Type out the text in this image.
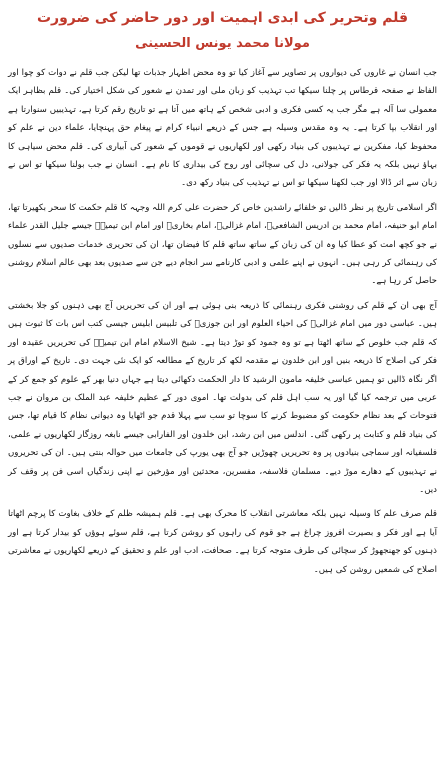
قلم وتحریر کی ابدی اہمیت اور دور حاضر کی ضرورت
مولانا محمد یونس الحسینی

جب انسان نے غاروں کی دیواروں پر تصاویر سے آغاز کیا تو وہ محض اظہار جذبات تھا لیکن جب قلم نے دوات کو چوا اور الفاظ نے صفحہ قرطاس پر چلنا سیکھا تب تہذیب کو زبان ملی اور تمدن نے شعور کی شکل اختیار کی۔ قلم بظاہر ایک معمولی سا آلہ ہے مگر جب یہ کسی فکری و ادبی شخص کے ہاتھ میں آتا ہے تو تاریخ رقم کرتا ہے، تہذیبیں سنوارتا ہے اور انقلاب بپا کرتا ہے۔ یہ وہ مقدس وسیلہ ہے جس کے ذریعے انبیاء کرام نے پیغام حق پہنچایا، علماء دین نے علم کو محفوظ کیا، مفکرین نے تہذیبوں کی بنیاد رکھی اور لکھاریوں نے قوموں کے شعور کی آبیاری کی۔ قلم محض سیاہی کا بہاؤ نہیں بلکہ یہ فکر کی جولانی، دل کی سچائی اور روح کی بیداری کا نام ہے۔ انسان نے جب بولنا سیکھا تو اس نے زبان سے اثر ڈالا اور جب لکھنا سیکھا تو اس نے تہذیب کی بنیاد رکھ دی۔

اگر اسلامی تاریخ پر نظر ڈالیں تو خلفائے راشدین خاص کر حضرت علی کرم اللہ وجہہ کا قلم حکمت کا سحر بکھیرتا تھا، امام ابو حنیفہ، امام محمد بن ادریس الشافعیؒ، امام غزالیؒ، امام بخاریؒ اور امام ابن تیمیہؒ جیسے جلیل القدر علماء نے جو کچھ امت کو عطا کیا وہ ان کی زبان کے ساتھ ساتھ قلم کا فیضان تھا، ان کی تحریری خدمات صدیوں سے نسلوں کی رہنمائی کر رہی ہیں۔ انہوں نے اپنے علمی و ادبی کارنامے سر انجام دیے جن سے صدیوں بعد بھی عالم اسلام روشنی حاصل کر رہا ہے۔

آج بھی ان کے قلم کی روشنی فکری رہنمائی کا ذریعہ بنی ہوئی ہے اور ان کی تحریریں آج بھی ذہنوں کو جلا بخشتی ہیں۔ عباسی دور میں امام غزالیؒ کی احیاء العلوم اور ابن جوزیؒ کی تلبیس ابلیس جیسی کتب اس بات کا ثبوت ہیں کہ قلم جب خلوص کے ساتھ اٹھتا ہے تو وہ جمود کو توڑ دیتا ہے۔ شیخ الاسلام امام ابن تیمیہؒ کی تحریریں عقیدہ اور فکر کی اصلاح کا ذریعہ بنیں اور ابن خلدون نے مقدمہ لکھ کر تاریخ کے مطالعہ کو ایک نئی جہت دی۔ تاریخ کے اوراق پر اگر نگاہ ڈالیں تو ہمیں عباسی خلیفہ مامون الرشید کا دار الحکمت دکھائی دیتا ہے جہاں دنیا بھر کے علوم کو جمع کر کے عربی میں ترجمہ کیا گیا اور یہ سب اہل قلم کی بدولت تھا۔ اموی دور کے عظیم خلیفہ عبد الملک بن مروان نے جب فتوحات کے بعد نظام حکومت کو مضبوط کرنے کا سوچا تو سب سے پہلا قدم جو اٹھایا وہ دیوانی نظام کا قیام تھا، جس کی بنیاد قلم و کتابت پر رکھی گئی۔ اندلس میں ابن رشد، ابن خلدون اور الفارابی جیسے نابغہ روزگار لکھاریوں نے علمی، فلسفیانہ اور سماجی بنیادوں پر وہ تحریریں چھوڑیں جو آج بھی یورپ کی جامعات میں حوالہ بنتی ہیں۔ ان کی تحریروں نے تہذیبوں کے دھارے موڑ دیے۔ مسلمان فلاسفہ، مفسرین، محدثین اور مؤرخین نے اپنی زندگیاں اسی فن پر وقف کر دیں۔

قلم صرف علم کا وسیلہ نہیں بلکہ معاشرتی انقلاب کا محرک بھی ہے۔ قلم ہمیشہ ظلم کے خلاف بغاوت کا پرچم اٹھاتا آیا ہے اور فکر و بصیرت افروز چراغ ہے جو قوم کی راہوں کو روشن کرتا ہے، قلم سوئے ہوؤں کو بیدار کرتا ہے اور ذہنوں کو جھنجھوڑ کر سچائی کی طرف متوجہ کرتا ہے۔ صحافت، ادب اور علم و تحقیق کے ذریعے لکھاریوں نے معاشرتی اصلاح کی شمعیں روشن کی ہیں۔
